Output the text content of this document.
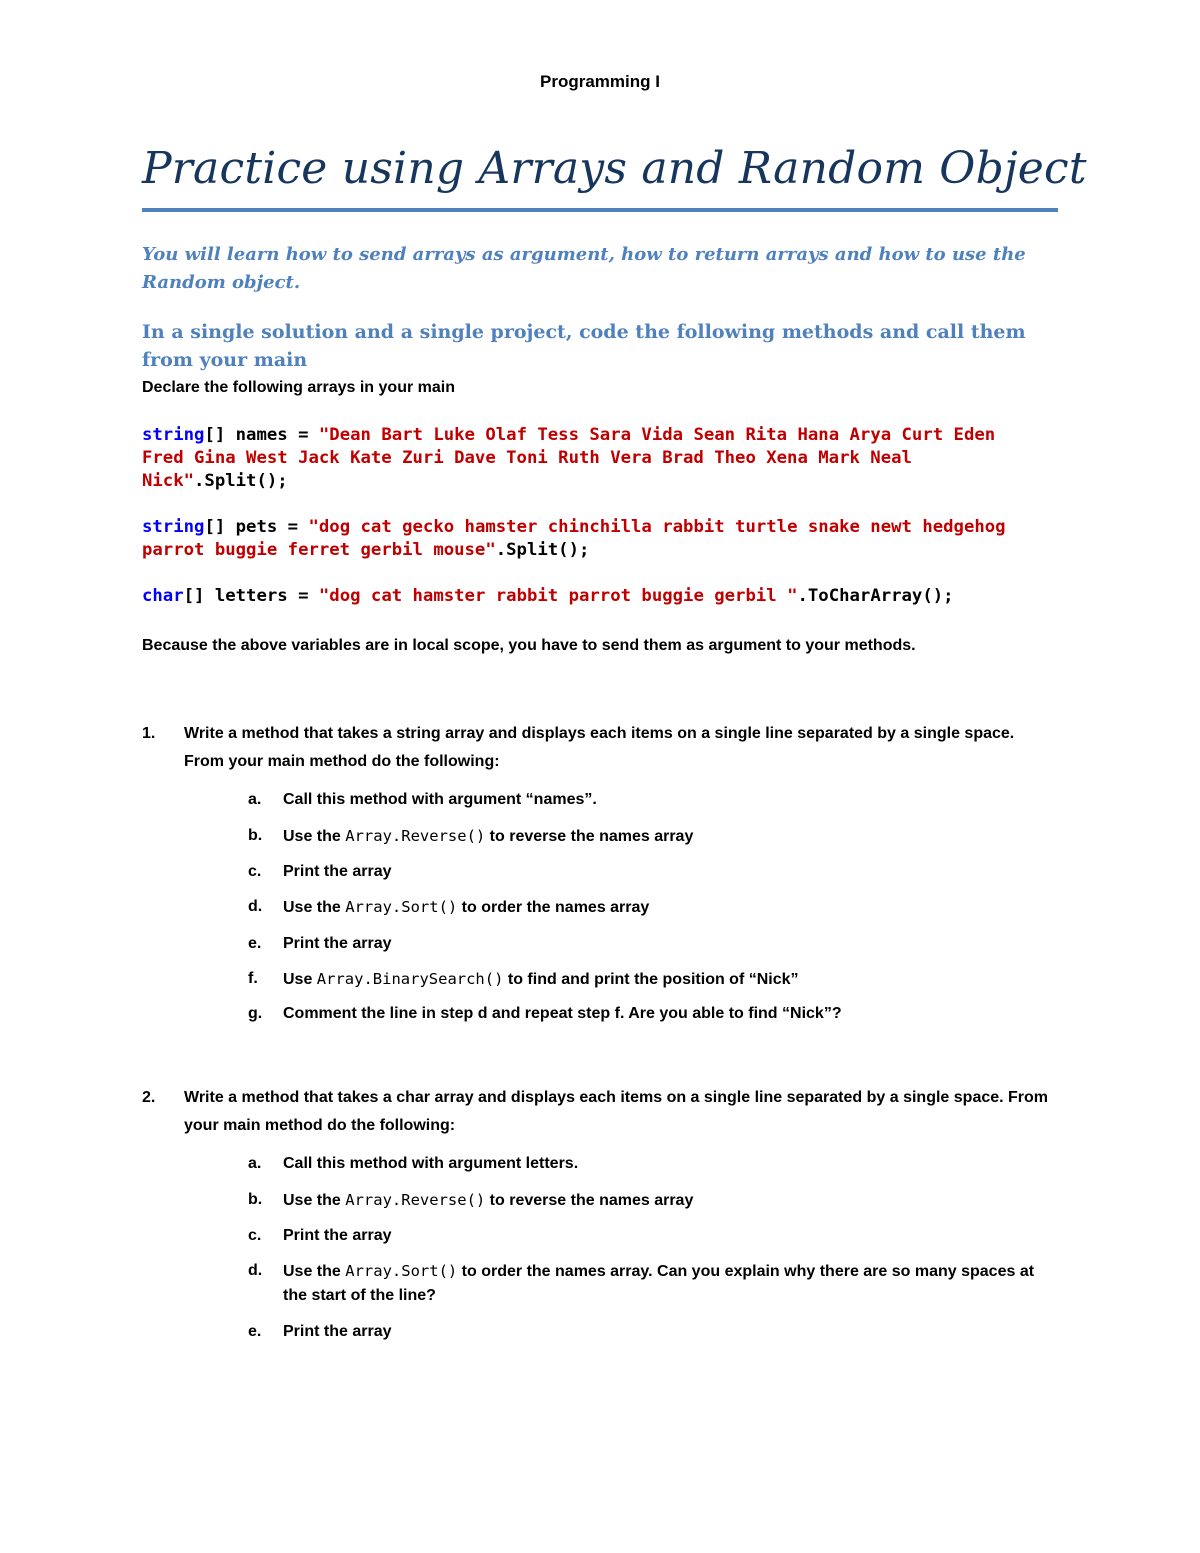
Programming I
Practice using Arrays and Random Object
You will learn how to send arrays as argument, how to return arrays and how to use the Random object.
In a single solution and a single project, code the following methods and call them from your main
Declare the following arrays in your main
string[] names = "Dean Bart Luke Olaf Tess Sara Vida Sean Rita Hana Arya Curt Eden
Fred Gina West Jack Kate Zuri Dave Toni Ruth Vera Brad Theo Xena Mark Neal
Nick".Split();
string[] pets = "dog cat gecko hamster chinchilla rabbit turtle snake newt hedgehog
parrot buggie ferret gerbil mouse".Split();
char[] letters = "dog cat hamster rabbit parrot buggie gerbil ".ToCharArray();
Because the above variables are in local scope, you have to send them as argument to your methods.
1. Write a method that takes a string array and displays each items on a single line separated by a single space. From your main method do the following:
a. Call this method with argument “names”.
b. Use the Array.Reverse() to reverse the names array
c. Print the array
d. Use the Array.Sort() to order the names array
e. Print the array
f. Use Array.BinarySearch() to find and print the position of “Nick”
g. Comment the line in step d and repeat step f. Are you able to find “Nick”?
2. Write a method that takes a char array and displays each items on a single line separated by a single space. From your main method do the following:
a. Call this method with argument letters.
b. Use the Array.Reverse() to reverse the names array
c. Print the array
d. Use the Array.Sort() to order the names array. Can you explain why there are so many spaces at the start of the line?
e. Print the array
